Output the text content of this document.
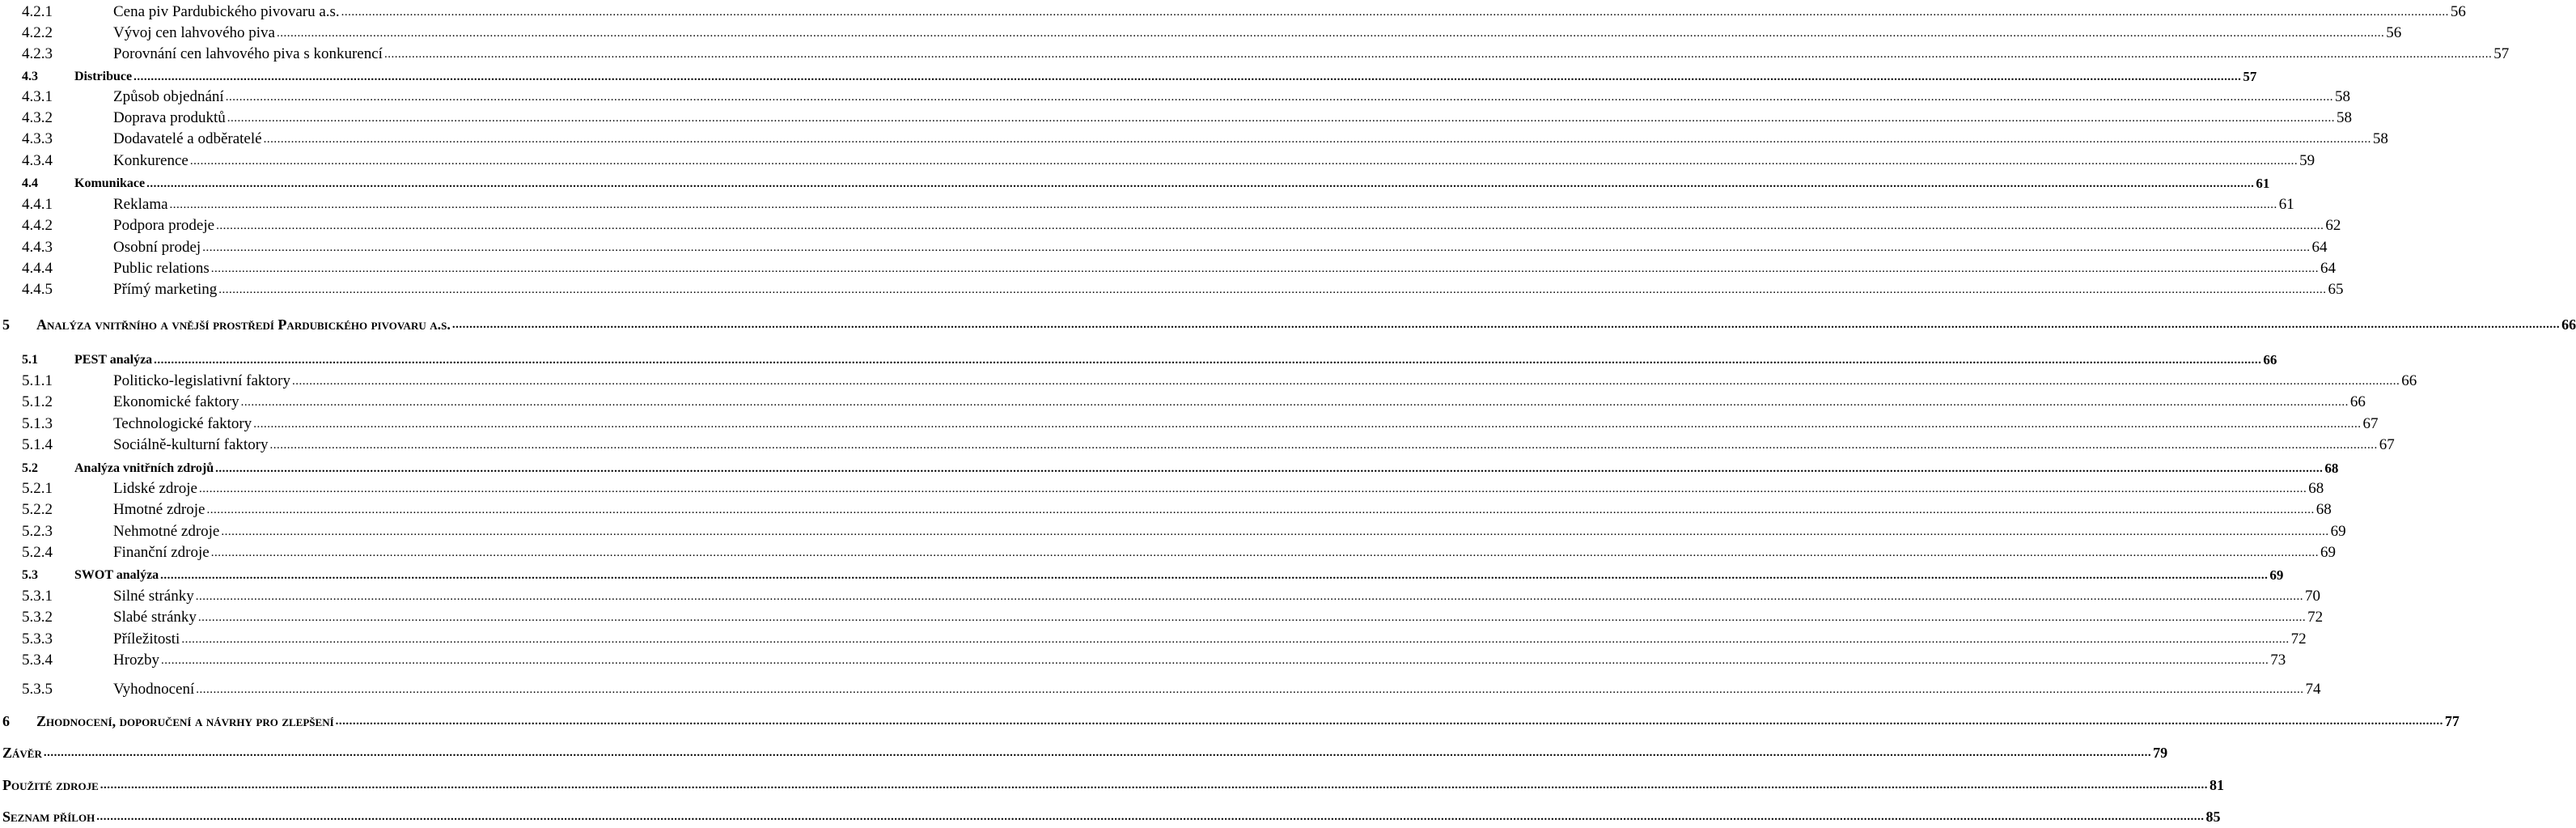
4.2.1	Cena piv Pardubického pivovaru a.s. ..................................................................................................................................................................................................................................................................................................................................................................................................................................................................................................................................................................................................................................... 56
4.2.2	Vývoj cen lahvového piva ..................................................................................................................................................................................................................................................................................................................................................................................................................................................................................................................................................................................................................................... 56
4.2.3	Porovnání cen lahvového piva s konkurencí ..................................................................................................................................................................................................................................................................................................................................................................................................................................................................................................................................................................................................................................... 57
4.3	Distribuce ..................................................................................................................................................................................................................................................................................................................................................................................................................................................................................................................................................................................................................................... 57
4.3.1	Způsob objednání ..................................................................................................................................................................................................................................................................................................................................................................................................................................................................................................................................................................................................................................... 58
4.3.2	Doprava produktů ..................................................................................................................................................................................................................................................................................................................................................................................................................................................................................................................................................................................................................................... 58
4.3.3	Dodavatelé a odběratelé ..................................................................................................................................................................................................................................................................................................................................................................................................................................................................................................................................................................................................................................... 58
4.3.4	Konkurence ..................................................................................................................................................................................................................................................................................................................................................................................................................................................................................................................................................................................................................................... 59
4.4	Komunikace ..................................................................................................................................................................................................................................................................................................................................................................................................................................................................................................................................................................................................................................... 61
4.4.1	Reklama ..................................................................................................................................................................................................................................................................................................................................................................................................................................................................................................................................................................................................................................... 61
4.4.2	Podpora prodeje ..................................................................................................................................................................................................................................................................................................................................................................................................................................................................................................................................................................................................................................... 62
4.4.3	Osobní prodej ..................................................................................................................................................................................................................................................................................................................................................................................................................................................................................................................................................................................................................................... 64
4.4.4	Public relations ..................................................................................................................................................................................................................................................................................................................................................................................................................................................................................................................................................................................................................................... 64
4.4.5	Přímý marketing ..................................................................................................................................................................................................................................................................................................................................................................................................................................................................................................................................................................................................................................... 65
5	Analýza vnitřního a vnější prostředí Pardubického pivovaru a.s. ..................................................................................................................................................................................................................................................................................................................................................................................................................................................................................................................................................................................................................................... 66
5.1	PEST analýza ..................................................................................................................................................................................................................................................................................................................................................................................................................................................................................................................................................................................................................................... 66
5.1.1	Politicko-legislativní faktory ..................................................................................................................................................................................................................................................................................................................................................................................................................................................................................................................................................................................................................................... 66
5.1.2	Ekonomické faktory ..................................................................................................................................................................................................................................................................................................................................................................................................................................................................................................................................................................................................................................... 66
5.1.3	Technologické faktory ..................................................................................................................................................................................................................................................................................................................................................................................................................................................................................................................................................................................................................................... 67
5.1.4	Sociálně-kulturní faktory ..................................................................................................................................................................................................................................................................................................................................................................................................................................................................................................................................................................................................................................... 67
5.2	Analýza vnitřních zdrojů ..................................................................................................................................................................................................................................................................................................................................................................................................................................................................................................................................................................................................................................... 68
5.2.1	Lidské zdroje ..................................................................................................................................................................................................................................................................................................................................................................................................................................................................................................................................................................................................................................... 68
5.2.2	Hmotné zdroje ..................................................................................................................................................................................................................................................................................................................................................................................................................................................................................................................................................................................................................................... 68
5.2.3	Nehmotné zdroje ..................................................................................................................................................................................................................................................................................................................................................................................................................................................................................................................................................................................................................................... 69
5.2.4	Finanční zdroje ..................................................................................................................................................................................................................................................................................................................................................................................................................................................................................................................................................................................................................................... 69
5.3	SWOT analýza ..................................................................................................................................................................................................................................................................................................................................................................................................................................................................................................................................................................................................................................... 69
5.3.1	Silné stránky ..................................................................................................................................................................................................................................................................................................................................................................................................................................................................................................................................................................................................................................... 70
5.3.2	Slabé stránky ..................................................................................................................................................................................................................................................................................................................................................................................................................................................................................................................................................................................................................................... 72
5.3.3	Příležitosti ..................................................................................................................................................................................................................................................................................................................................................................................................................................................................................................................................................................................................................................... 72
5.3.4	Hrozby ..................................................................................................................................................................................................................................................................................................................................................................................................................................................................................................................................................................................................................................... 73
5.3.5	Vyhodnocení ..................................................................................................................................................................................................................................................................................................................................................................................................................................................................................................................................................................................................................................... 74
6	Zhodnocení, doporučení a návrhy pro zlepšení ..................................................................................................................................................................................................................................................................................................................................................................................................................................................................................................................................................................................................................................... 77
Závěr ..................................................................................................................................................................................................................................................................................................................................................................................................................................................................................................................................................................................................................................... 79
Použité zdroje ..................................................................................................................................................................................................................................................................................................................................................................................................................................................................................................................................................................................................................................... 81
Seznam příloh ..................................................................................................................................................................................................................................................................................................................................................................................................................................................................................................................................................................................................................................... 85
